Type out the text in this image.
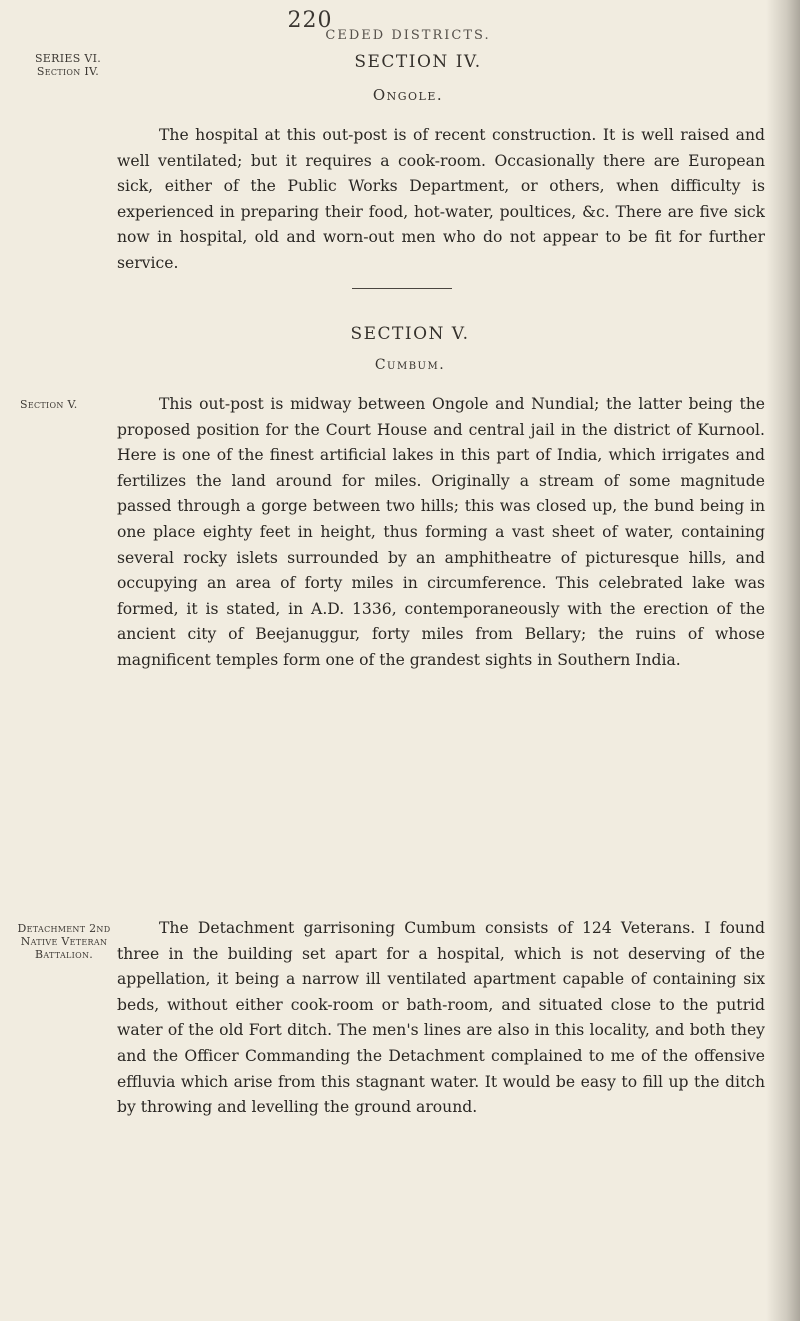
220
CEDED DISTRICTS.
SERIES VI.
Section IV.	SECTION IV.
Ongole.

The hospital at this out-post is of recent construction. It is well raised and well ventilated; but it requires a cook-room. Occasionally there are European sick, either of the Public Works Department, or others, when difficulty is experienced in preparing their food, hot-water, poultices, &c. There are five sick now in hospital, old and worn-out men who do not appear to be fit for further service.

SECTION V.
Cumbum.
Section V.	This out-post is midway between Ongole and Nundial; the latter being the proposed position for the Court House and central jail in the district of Kurnool. Here is one of the finest artificial lakes in this part of India, which irrigates and fertilizes the land around for miles. Originally a stream of some magnitude passed through a gorge between two hills; this was closed up, the bund being in one place eighty feet in height, thus forming a vast sheet of water, containing several rocky islets surrounded by an amphitheatre of picturesque hills, and occupying an area of forty miles in circumference. This celebrated lake was formed, it is stated, in A.D. 1336, contemporaneously with the erection of the ancient city of Beejanuggur, forty miles from Bellary; the ruins of whose magnificent temples form one of the grandest sights in Southern India.

Detachment 2nd
Native Veteran
Battalion.

The Detachment garrisoning Cumbum consists of 124 Veterans. I found three in the building set apart for a hospital, which is not deserving of the appellation, it being a narrow ill ventilated apartment capable of containing six beds, without either cook-room or bath-room, and situated close to the putrid water of the old Fort ditch. The men's lines are also in this locality, and both they and the Officer Commanding the Detachment complained to me of the offensive effluvia which arise from this stagnant water. It would be easy to fill up the ditch by throwing and levelling the ground around.
